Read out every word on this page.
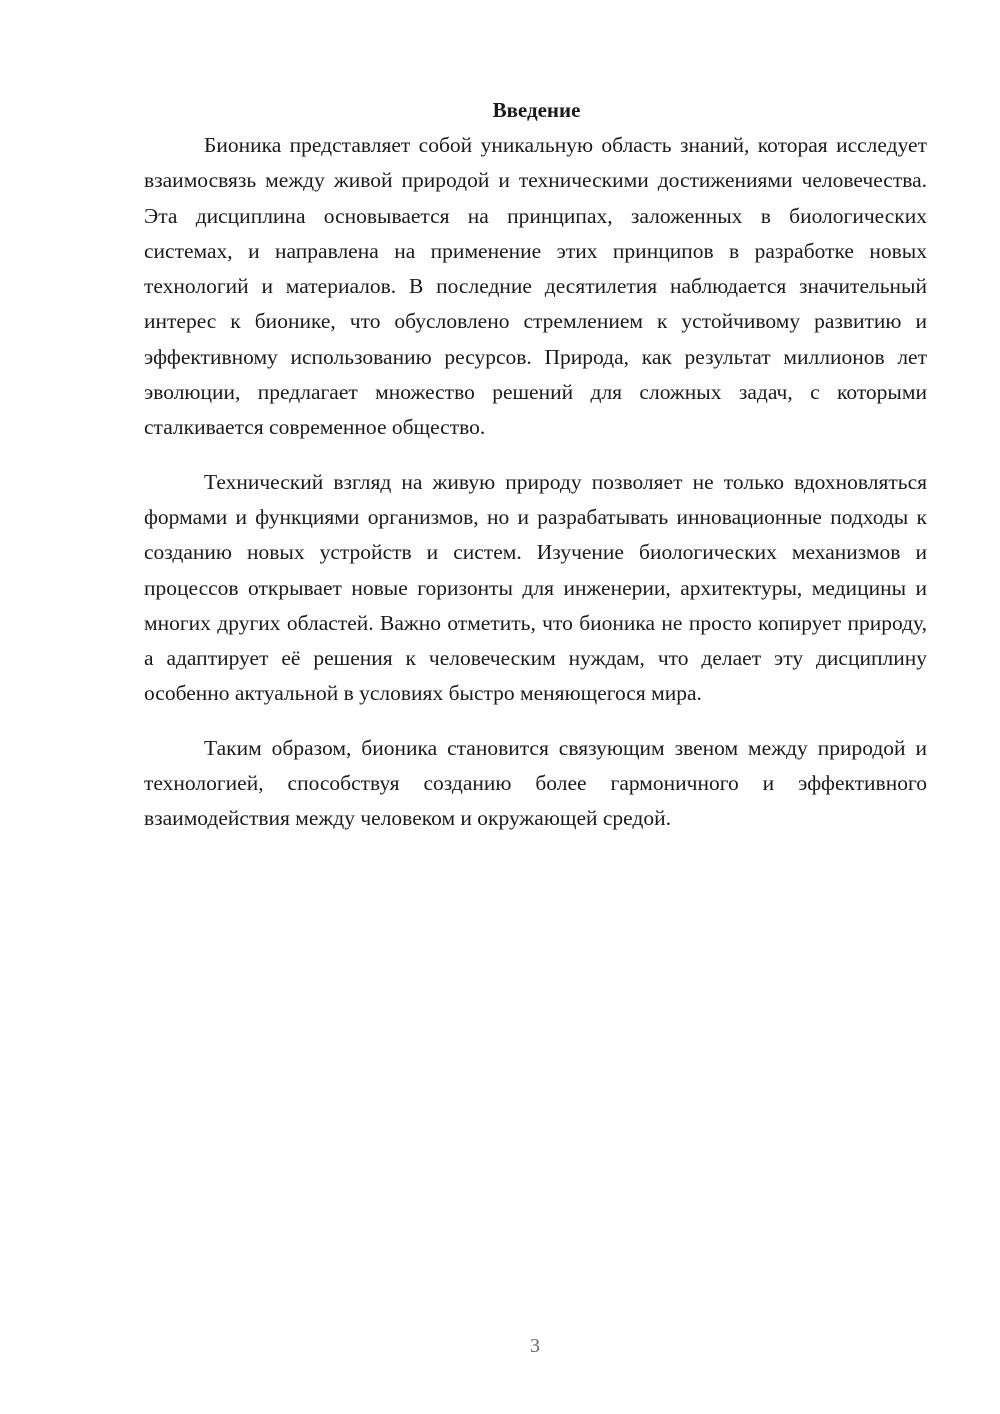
Введение

Бионика представляет собой уникальную область знаний, которая исследует взаимосвязь между живой природой и техническими достижениями человечества. Эта дисциплина основывается на принципах, заложенных в биологических системах, и направлена на применение этих принципов в разработке новых технологий и материалов. В последние десятилетия наблюдается значительный интерес к бионике, что обусловлено стремлением к устойчивому развитию и эффективному использованию ресурсов. Природа, как результат миллионов лет эволюции, предлагает множество решений для сложных задач, с которыми сталкивается современное общество.

Технический взгляд на живую природу позволяет не только вдохновляться формами и функциями организмов, но и разрабатывать инновационные подходы к созданию новых устройств и систем. Изучение биологических механизмов и процессов открывает новые горизонты для инженерии, архитектуры, медицины и многих других областей. Важно отметить, что бионика не просто копирует природу, а адаптирует её решения к человеческим нуждам, что делает эту дисциплину особенно актуальной в условиях быстро меняющегося мира.

Таким образом, бионика становится связующим звеном между природой и технологией, способствуя созданию более гармоничного и эффективного взаимодействия между человеком и окружающей средой.

3
